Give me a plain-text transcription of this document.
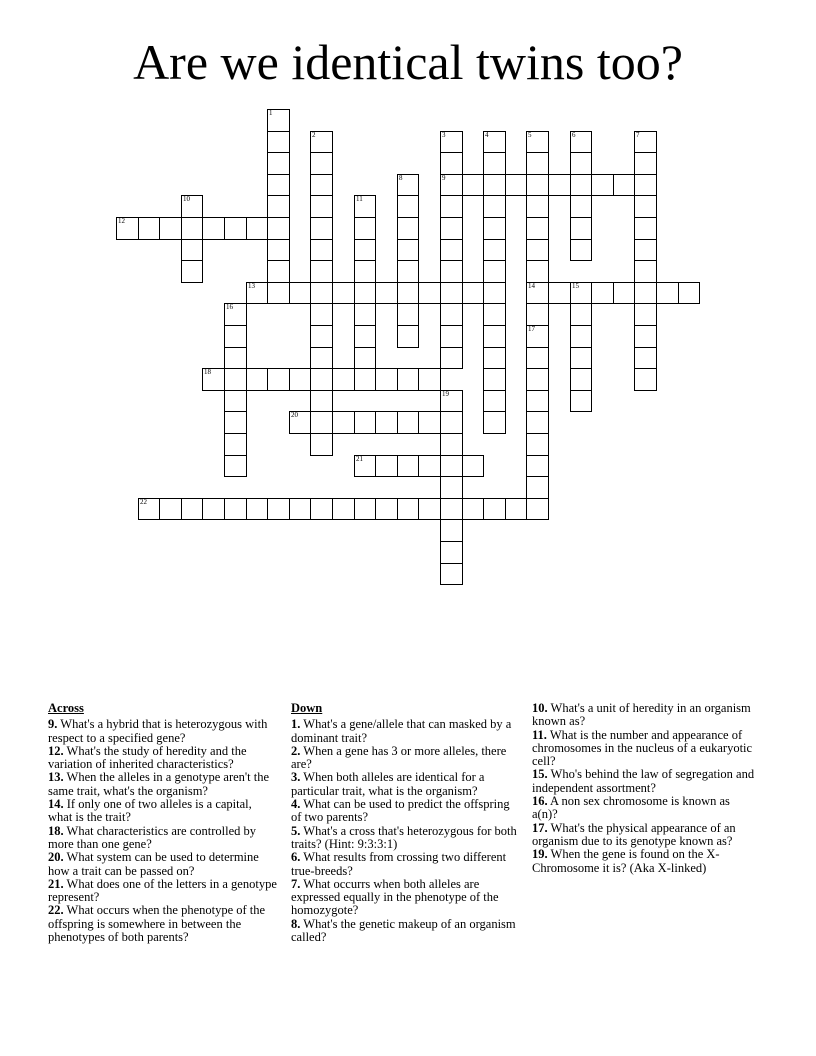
Are we identical twins too?
1
2	3
9
4	5
14
17
6	7
8
10	11
12
13	15
16
18
19
20
21
22
Across
9. What's a hybrid that is heterozygous with respect to a specified gene?
12. What's the study of heredity and the variation of inherited characteristics?
13. When the alleles in a genotype aren't the same trait, what's the organism?
14. If only one of two alleles is a capital, what is the trait?
18. What characteristics are controlled by more than one gene?
20. What system can be used to determine how a trait can be passed on?
21. What does one of the letters in a genotype represent?
22. What occurs when the phenotype of the offspring is somewhere in between the phenotypes of both parents?
Down
1. What's a gene/allele that can masked by a dominant trait?
2. When a gene has 3 or more alleles, there are?
3. When both alleles are identical for a particular trait, what is the organism?
4. What can be used to predict the offspring of two parents?
5. What's a cross that's heterozygous for both traits? (Hint: 9:3:3:1)
6. What results from crossing two different true-breeds?
7. What occurrs when both alleles are expressed equally in the phenotype of the homozygote?
8. What's the genetic makeup of an organism called?
10. What's a unit of heredity in an organism known as?
11. What is the number and appearance of chromosomes in the nucleus of a eukaryotic cell?
15. Who's behind the law of segregation and independent assortment?
16. A non sex chromosome is known as a(n)?
17. What's the physical appearance of an organism due to its genotype known as?
19. When the gene is found on the X-Chromosome it is? (Aka X-linked)
